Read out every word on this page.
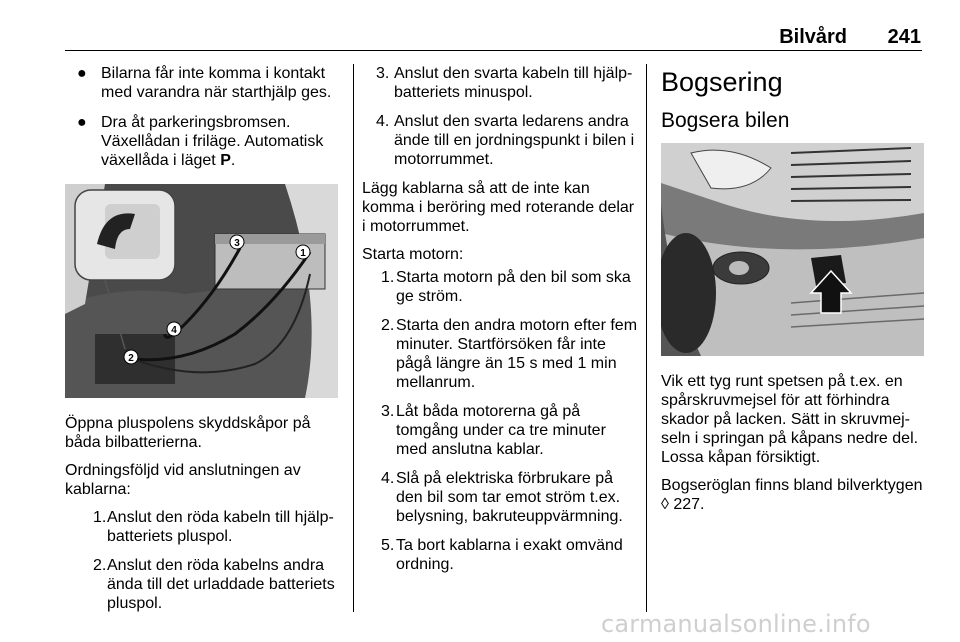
Bilvård 241
● Bilarna får inte komma i kontakt med varandra när starthjälp ges.
● Dra åt parkeringsbromsen. Växellådan i friläge. Automatisk växellåda i läget P.
1
2
3
4

Öppna pluspolens skyddskåpor på båda bilbatterierna.

Ordningsföljd vid anslutningen av kablarna:

1. Anslut den röda kabeln till hjälp-batteriets pluspol.
2. Anslut den röda kabelns andra ända till det urladdade batteriets pluspol.
3. Anslut den svarta kabeln till hjälp-batteriets minuspol.
4. Anslut den svarta ledarens andra ände till en jordningspunkt i bilen i motorrummet.

Lägg kablarna så att de inte kan komma i beröring med roterande delar i motorrummet.

Starta motorn:

1. Starta motorn på den bil som ska ge ström.
2. Starta den andra motorn efter fem minuter. Startförsöken får inte pågå längre än 15 s med 1 min mellanrum.
3. Låt båda motorerna gå på tomgång under ca tre minuter med anslutna kablar.
4. Slå på elektriska förbrukare på den bil som tar emot ström t.ex. belysning, bakruteuppvärmning.
5. Ta bort kablarna i exakt omvänd ordning.
Bogsering
Bogsera bilen

Vik ett tyg runt spetsen på t.ex. en spårskruvmejsel för att förhindra skador på lacken. Sätt in skruvmej-seln i springan på kåpans nedre del. Lossa kåpan försiktigt.

Bogseröglan finns bland bilverktygen ◊ 227.

carmanualsonline.info
